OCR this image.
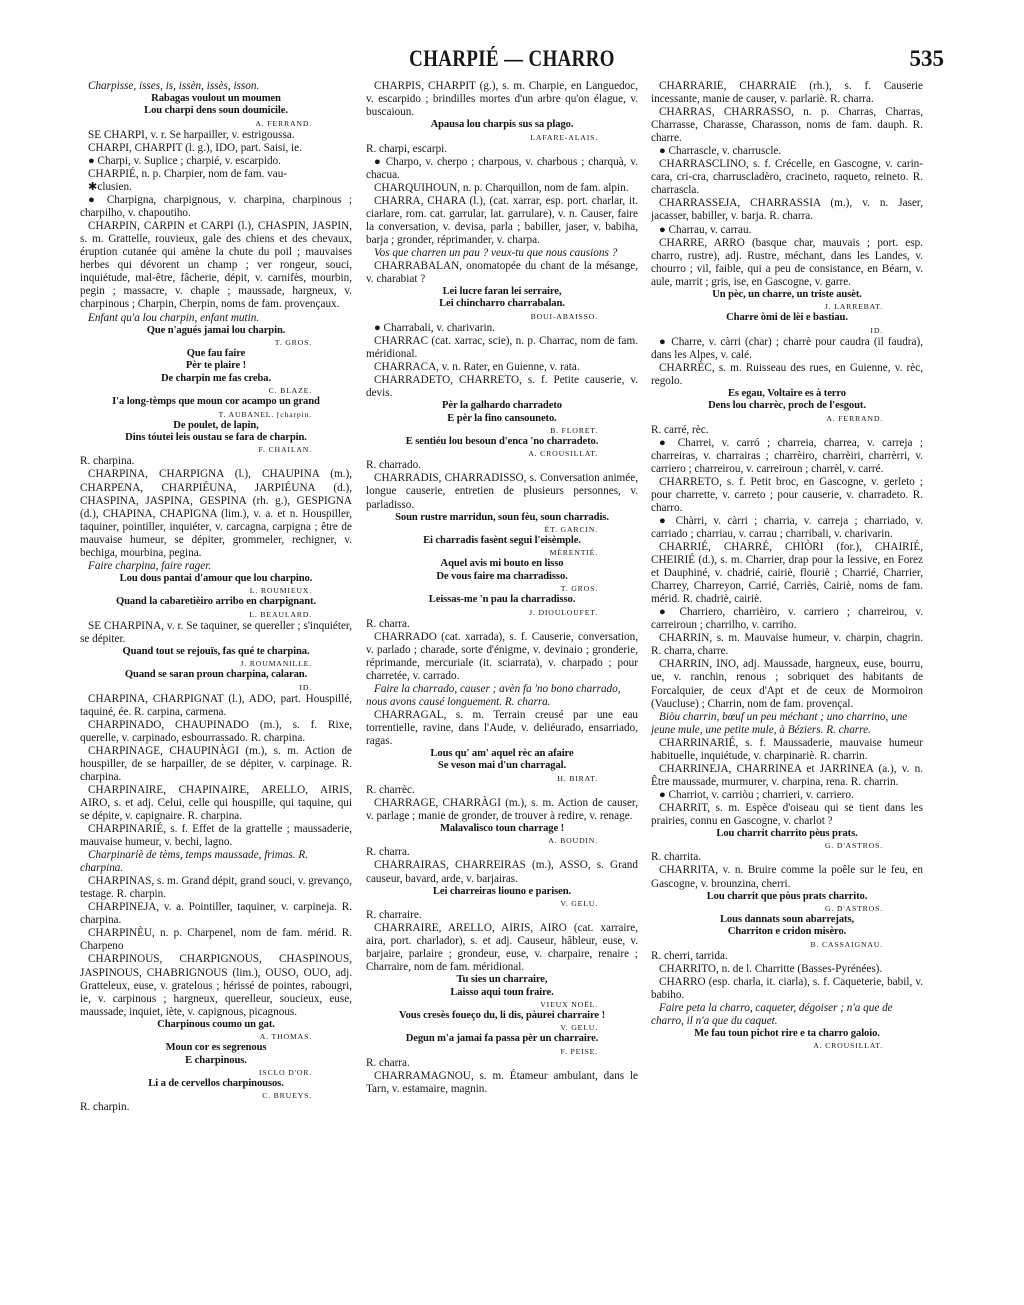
CHARPIÉ — CHARRO	535

Charpisse, isses, is, issèn, issès, isson.

Rabagas voulout un moumen

Lou charpi dens soun doumicile.

A. FERRAND.

SE CHARPI, v. r. Se harpailler, v. estrigoussa.

CHARPI, CHARPIT (l. g.), IDO, part. Saisi, ie.

● Charpi, v. Suplice ; charpié, v. escarpido.

CHARPIÉ, n. p. Charpier, nom de fam. vau-

✱clusien.

● Charpigna, charpignous, v. charpina, charpinous ; charpilho, v. chapoutiho.

CHARPIN, CARPIN et CARPI (l.), CHASPIN, JASPIN, s. m. Grattelle, rouvieux, gale des chiens et des chevaux, éruption cutanée qui amène la chute du poil ; mauvaises herbes qui dévorent un champ ; ver rongeur, souci, inquiétude, mal-être, fâcherie, dépit, v. carnifès, mourbin, pegin ; massacre, v. chaple ; maussade, hargneux, v. charpinous ; Charpin, Cherpin, noms de fam. provençaux.

Enfant qu'a lou charpin, enfant mutin.

Que n'agués jamai lou charpin.

T. GROS.

Que fau faire

Pèr te plaire !

De charpin me fas creba.

C. BLAZE.

I'a long-tèmps que moun cor acampo un grand

T. AUBANEL. [charpin.

De poulet, de lapin,

Dins tóutei leis oustau se fara de charpin.

F. CHAILAN.

R. charpina.

CHARPINA, CHARPIGNA (l.), CHAUPINA (m.), CHARPENA, CHARPIÉUNA, JARPIÉUNA (d.), CHASPINA, JASPINA, GESPINA (rh. g.), GESPIGNA (d.), CHAPINA, CHAPIGNA (lim.), v. a. et n. Houspiller, taquiner, pointiller, inquiéter, v. carcagna, carpigna ; être de mauvaise humeur, se dépiter, grommeler, rechigner, v. bechiga, mourbina, pegina.

Faire charpina, faire rager.

Lou dous pantai d'amour que lou charpino.

L. ROUMIEUX.

Quand la cabaretièiro arribo en charpignant.

L. BEAULARD.

SE CHARPINA, v. r. Se taquiner, se quereller ; s'inquiéter, se dépiter.

Quand tout se rejouïs, fas qué te charpina.

J. ROUMANILLE.

Quand se saran proun charpina, calaran.

ID.

CHARPINA, CHARPIGNAT (l.), ADO, part. Houspillé, taquiné, ée. R. carpina, carmena.

CHARPINADO, CHAUPINADO (m.), s. f. Rixe, querelle, v. carpinado, esbourrassado. R. charpina.

CHARPINAGE, CHAUPINÀGI (m.), s. m. Action de houspiller, de se harpailler, de se dépiter, v. carpinage. R. charpina.

CHARPINAIRE, CHAPINAIRE, ARELLO, AIRIS, AIRO, s. et adj. Celui, celle qui houspille, qui taquine, qui se dépite, v. capignaire. R. charpina.

CHARPINARIÉ, s. f. Effet de la grattelle ; maussaderie, mauvaise humeur, v. bechi, lagno.

Charpinariè de tèms, temps maussade, frimas. R. charpina.

CHARPINAS, s. m. Grand dépit, grand souci, v. grevanço, testage. R. charpin.

CHARPINEJA, v. a. Pointiller, taquiner, v. carpineja. R. charpina.

CHARPINÈU, n. p. Charpenel, nom de fam. mérid. R. Charpeno

CHARPINOUS, CHARPIGNOUS, CHASPINOUS, JASPINOUS, CHABRIGNOUS (lim.), OUSO, OUO, adj. Gratteleux, euse, v. gratelous ; hérissé de pointes, rabougri, ie, v. carpinous ; hargneux, querelleur, soucieux, euse, maussade, inquiet, iète, v. capignous, picagnous.

Charpinous coumo un gat.

A. THOMAS.

Moun cor es segrenous

E charpinous.

ISCLO D'OR.

Li a de cervellos charpinousos.

C. BRUEYS.

R. charpin.

CHARPIS, CHARPIT (g.), s. m. Charpie, en Languedoc, v. escarpido ; brindilles mortes d'un arbre qu'on élague, v. buscaioun.

Apausa lou charpis sus sa plago.

LAFARE-ALAIS.

R. charpi, escarpi.

● Charpo, v. cherpo ; charpous, v. charbous ; charquà, v. chacua.

CHARQUIHOUN, n. p. Charquillon, nom de fam. alpin.

CHARRA, CHARA (l.), (cat. xarrar, esp. port. charlar, it. ciarlare, rom. cat. garrular, lat. garrulare), v. n. Causer, faire la conversation, v. devisa, parla ; babiller, jaser, v. babiha, barja ; gronder, réprimander, v. charpa.

Vos que charren un pau ? veux-tu que nous causions ?

CHARRABALAN, onomatopée du chant de la mésange, v. charabiat ?

Lei lucre faran lei serraire,

Lei chincharro charrabalan.

BOUI-ABAISSO.

● Charrabali, v. charivarin.

CHARRAC (cat. xarrac, scie), n. p. Charrac, nom de fam. méridional.

CHARRACA, v. n. Rater, en Guienne, v. rata.

CHARRADETO, CHARRETO, s. f. Petite causerie, v. devis.

Pèr la galhardo charradeto

E pèr la fino cansouneto.

B. FLORET.

E sentiéu lou besoun d'enca 'no charradeto.

A. CROUSILLAT.

R. charrado.

CHARRADIS, CHARRADISSO, s. Conversation animée, longue causerie, entretien de plusieurs personnes, v. parladisso.

Soun rustre marridun, soun fèu, soun charradis.

ÉT. GARCIN.

Ei charradis fasènt segui l'eisèmple.

MÉRENTIÉ.

Aquel avis mi bouto en lisso

De vous faire ma charradisso.

T. GROS.

Leissas-me 'n pau la charradisso.

J. DIOULOUFET.

R. charra.

CHARRADO (cat. xarrada), s. f. Causerie, conversation, v. parlado ; charade, sorte d'énigme, v. devinaio ; gronderie, réprimande, mercuriale (it. sciarrata), v. charpado ; pour charretée, v. carrado.

Faire la charrado, causer ; avèn fa 'no bono charrado, nous avons causé longuement. R. charra.

CHARRAGAL, s. m. Terrain creusé par une eau torrentielle, ravine, dans l'Aude, v. deliéurado, ensarriado, ragas.

Lous qu' am' aquel rèc an afaire

Se veson mai d'un charragal.

H. BIRAT.

R. charrèc.

CHARRAGE, CHARRÀGI (m.), s. m. Action de causer, v. parlage ; manie de gronder, de trouver à redire, v. renage.

Malavalisco toun charrage !

A. BOUDIN.

R. charra.

CHARRAIRAS, CHARREIRAS (m.), ASSO, s. Grand causeur, bavard, arde, v. barjairas.

Lei charreiras liouno e parisen.

V. GELU.

R. charraire.

CHARRAIRE, ARELLO, AIRIS, AIRO (cat. xarraire, aira, port. charlador), s. et adj. Causeur, hâbleur, euse, v. barjaire, parlaire ; grondeur, euse, v. charpaire, renaire ; Charraire, nom de fam. méridional.

Tu sies un charraire,

Laisso aqui toun fraire.

VIEUX NOËL.

Vous cresès foueço du, li dis, pàurei charraire !

V. GELU.

Degun m'a jamai fa passa pèr un charraire.

F. PEISE.

R. charra.

CHARRAMAGNOU, s. m. Étameur ambulant, dans le Tarn, v. estamaire, magnin.

CHARRARIÉ, CHARRAIÉ (rh.), s. f. Causerie incessante, manie de causer, v. parlariè. R. charra.

CHARRAS, CHARRASSO, n. p. Charras, Charras, Charrasse, Charasse, Charasson, noms de fam. dauph. R. charre.

● Charrascle, v. charruscle.

CHARRASCLINO, s. f. Crécelle, en Gascogne, v. carin-cara, cri-cra, charruscladèro, cracineto, raqueto, reineto. R. charrascla.

CHARRASSEJA, CHARRASSIA (m.), v. n. Jaser, jacasser, babiller, v. barja. R. charra.

● Charrau, v. carrau.

CHARRE, ARRO (basque char, mauvais ; port. esp. charro, rustre), adj. Rustre, méchant, dans les Landes, v. chourro ; vil, faible, qui a peu de consistance, en Béarn, v. aule, marrit ; gris, ise, en Gascogne, v. garre.

Un pèc, un charre, un triste ausèt.

J. LARREBAT.

Charre òmi de lèi e bastiau.

ID.

● Charre, v. càrri (char) ; charrè pour caudra (il faudra), dans les Alpes, v. calé.

CHARRÈC, s. m. Ruisseau des rues, en Guienne, v. rèc, regolo.

Es egau, Voltaire es à terro

Dens lou charrèc, proch de l'esgout.

A. FERRAND.

R. carré, rèc.

● Charrei, v. carró ; charreia, charrea, v. carreja ; charreiras, v. charrairas ; charrèiro, charrèiri, charrèrri, v. carriero ; charreirou, v. carreiroun ; charrèl, v. carré.

CHARRETO, s. f. Petit broc, en Gascogne, v. gerleto ; pour charrette, v. carreto ; pour causerie, v. charradeto. R. charro.

● Chàrri, v. càrri ; charria, v. carreja ; charriado, v. carriado ; charriau, v. carrau ; charribali, v. charivarin.

CHARRIÉ, CHARRÉ, CHIÒRI (for.), CHAIRIÉ, CHEIRIÉ (d.), s. m. Charrier, drap pour la lessive, en Forez et Dauphiné, v. chadrié, cairiè, flouriè ; Charrié, Charrier, Charrey, Charreyon, Carrié, Carriès, Cairiè, noms de fam. mérid. R. chadriè, cairiè.

● Charriero, charrièiro, v. carriero ; charreirou, v. carreiroun ; charrilho, v. carriho.

CHARRIN, s. m. Mauvaise humeur, v. charpin, chagrin. R. charra, charre.

CHARRIN, INO, adj. Maussade, hargneux, euse, bourru, ue, v. ranchin, renous ; sobriquet des habitants de Forcalquier, de ceux d'Apt et de ceux de Mormoiron (Vaucluse) ; Charrin, nom de fam. provençal.

Biòu charrin, bœuf un peu méchant ; uno charrino, une jeune mule, une petite mule, à Béziers. R. charre.

CHARRINARIÉ, s. f. Maussaderie, mauvaise humeur habituelle, inquiétude, v. charpinariè. R. charrin.

CHARRINEJA, CHARRINEA et JARRINEA (a.), v. n. Être maussade, murmurer, v. charpina, rena. R. charrin.

● Charriot, v. carriòu ; charrieri, v. carriero.

CHARRIT, s. m. Espèce d'oiseau qui se tient dans les prairies, connu en Gascogne, v. charlot ?

Lou charrit charrito pèus prats.

G. D'ASTROS.

R. charrita.

CHARRITA, v. n. Bruire comme la poêle sur le feu, en Gascogne, v. brounzina, cherri.

Lou charrit que pòus prats charrito.

G. D'ASTROS.

Lous dannats soun abarrejats,

Charriton e cridon misèro.

B. CASSAIGNAU.

R. cherri, tarrida.

CHARRITO, n. de l. Charritte (Basses-Pyrénées).

CHARRO (esp. charla, it. ciarla), s. f. Caqueterie, babil, v. babiho.

Faire peta la charro, caqueter, dégoiser ; n'a que de charro, il n'a que du caquet.

Me fau toun pichot rire e ta charro galoio.

A. CROUSILLAT.
